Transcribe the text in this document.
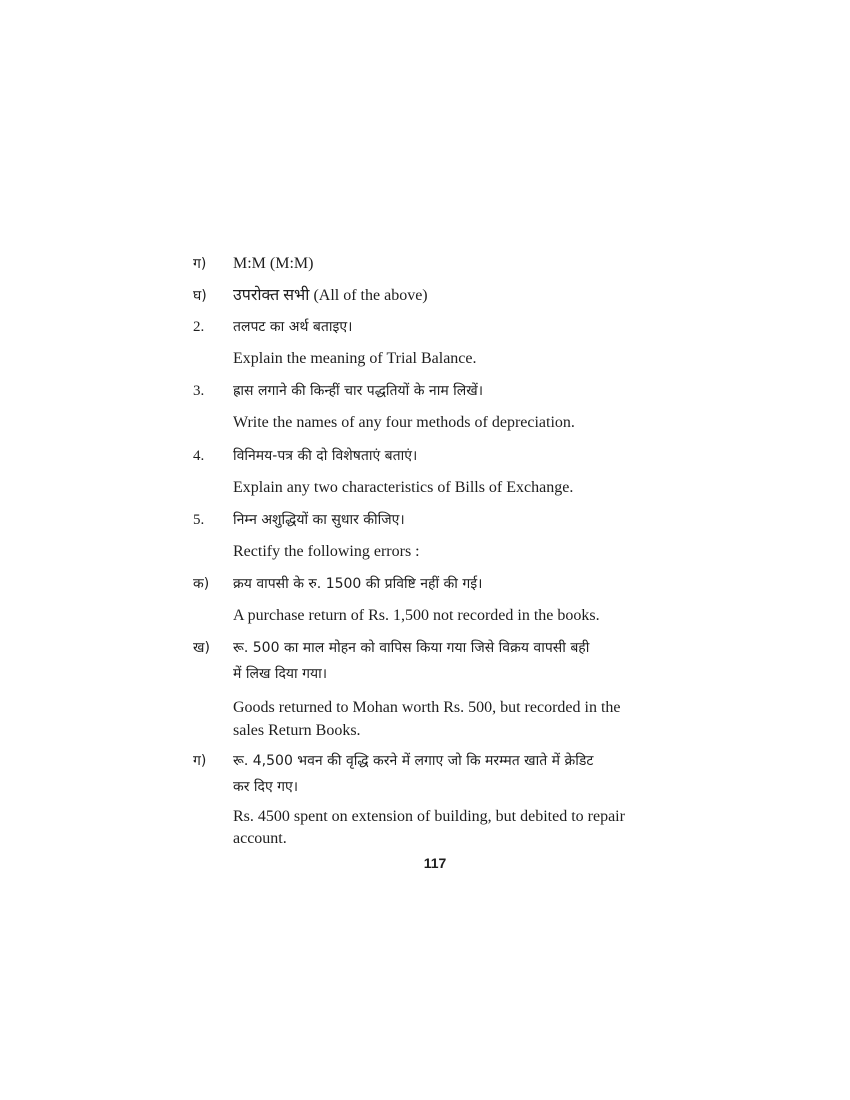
ग) M:M (M:M)
घ) उपरोक्त सभी (All of the above)
2. तलपट का अर्थ बताइए।
Explain the meaning of Trial Balance.
3. ह्रास लगाने की किन्हीं चार पद्धतियों के नाम लिखें।
Write the names of any four methods of depreciation.
4. विनिमय-पत्र की दो विशेषताएं बताएं।
Explain any two characteristics of Bills of Exchange.
5. निम्न अशुद्धियों का सुधार कीजिए।
Rectify the following errors :
क) क्रय वापसी के रु. 1500 की प्रविष्टि नहीं की गई।
A purchase return of Rs. 1,500 not recorded in the books.
ख) रू. 500 का माल मोहन को वापिस किया गया जिसे विक्रय वापसी बही
में लिख दिया गया।
Goods returned to Mohan worth Rs. 500, but recorded in the
sales Return Books.
ग) रू. 4,500 भवन की वृद्धि करने में लगाए जो कि मरम्मत खाते में क्रेडिट
कर दिए गए।
Rs. 4500 spent on extension of building, but debited to repair
account.
117
